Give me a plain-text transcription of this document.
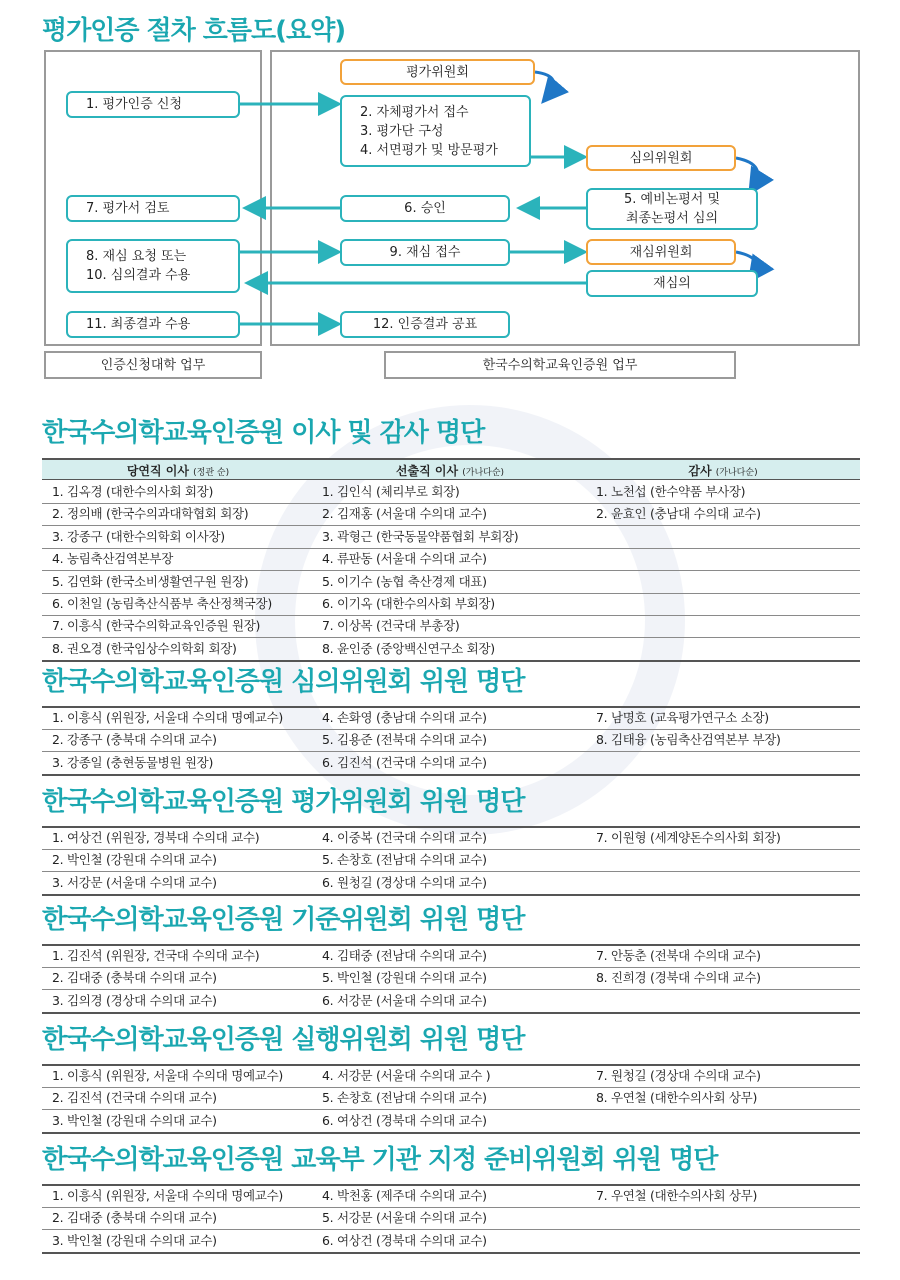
평가인증 절차 흐름도(요약)
1. 평가인증 신청
7. 평가서 검토
8. 재심 요청 또는
10. 심의결과 수용
11. 최종결과 수용
평가위원회
2. 자체평가서 접수
3. 평가단 구성
4. 서면평가 및 방문평가
심의위원회
5. 예비논평서 및
최종논평서 심의
6. 승인
9. 재심 접수	재심위원회
재심의
12. 인증결과 공표
인증신청대학 업무	한국수의학교육인증원 업무
한국수의학교육인증원 이사 및 감사 명단
당연직 이사 (정관 순)	선출직 이사 (가나다순)	감사 (가나다순)
1. 김옥경 (대한수의사회 회장)	1. 김인식 (체리부로 회장)	1. 노천섭 (한수약품 부사장)
2. 정의배 (한국수의과대학협회 회장)	2. 김재홍 (서울대 수의대 교수)	2. 윤효인 (충남대 수의대 교수)
3. 강종구 (대한수의학회 이사장)	3. 곽형근 (한국동물약품협회 부회장)
4. 농림축산검역본부장	4. 류판동 (서울대 수의대 교수)
5. 김연화 (한국소비생활연구원 원장)	5. 이기수 (농협 축산경제 대표)
6. 이천일 (농림축산식품부 축산정책국장)	6. 이기옥 (대한수의사회 부회장)
7. 이흥식 (한국수의학교육인증원 원장)	7. 이상목 (건국대 부총장)
8. 권오경 (한국임상수의학회 회장)	8. 윤인중 (중앙백신연구소 회장)
한국수의학교육인증원 심의위원회 위원 명단
1. 이흥식 (위원장, 서울대 수의대 명예교수)	4. 손화영 (충남대 수의대 교수)	7. 남명호 (교육평가연구소 소장)
2. 강종구 (충북대 수의대 교수)	5. 김용준 (전북대 수의대 교수)	8. 김태융 (농림축산검역본부 부장)
3. 강종일 (충현동물병원 원장)	6. 김진석 (건국대 수의대 교수)
한국수의학교육인증원 평가위원회 위원 명단
1. 여상건 (위원장, 경북대 수의대 교수)	4. 이중복 (건국대 수의대 교수)	7. 이원형 (세계양돈수의사회 회장)
2. 박인철 (강원대 수의대 교수)	5. 손창호 (전남대 수의대 교수)
3. 서강문 (서울대 수의대 교수)	6. 원청길 (경상대 수의대 교수)
한국수의학교육인증원 기준위원회 위원 명단
1. 김진석 (위원장, 건국대 수의대 교수)	4. 김태중 (전남대 수의대 교수)	7. 안동춘 (전북대 수의대 교수)
2. 김대중 (충북대 수의대 교수)	5. 박인철 (강원대 수의대 교수)	8. 진희경 (경북대 수의대 교수)
3. 김의경 (경상대 수의대 교수)	6. 서강문 (서울대 수의대 교수)
한국수의학교육인증원 실행위원회 위원 명단
1. 이흥식 (위원장, 서울대 수의대 명예교수)	4. 서강문 (서울대 수의대 교수 )	7. 원청길 (경상대 수의대 교수)
2. 김진석 (건국대 수의대 교수)	5. 손창호 (전남대 수의대 교수)	8. 우연철 (대한수의사회 상무)
3. 박인철 (강원대 수의대 교수)	6. 여상건 (경북대 수의대 교수)
한국수의학교육인증원 교육부 기관 지정 준비위원회 위원 명단
1. 이흥식 (위원장, 서울대 수의대 명예교수)	4. 박천홍 (제주대 수의대 교수)	7. 우연철 (대한수의사회 상무)
2. 김대중 (충북대 수의대 교수)	5. 서강문 (서울대 수의대 교수)
3. 박인철 (강원대 수의대 교수)	6. 여상건 (경북대 수의대 교수)
